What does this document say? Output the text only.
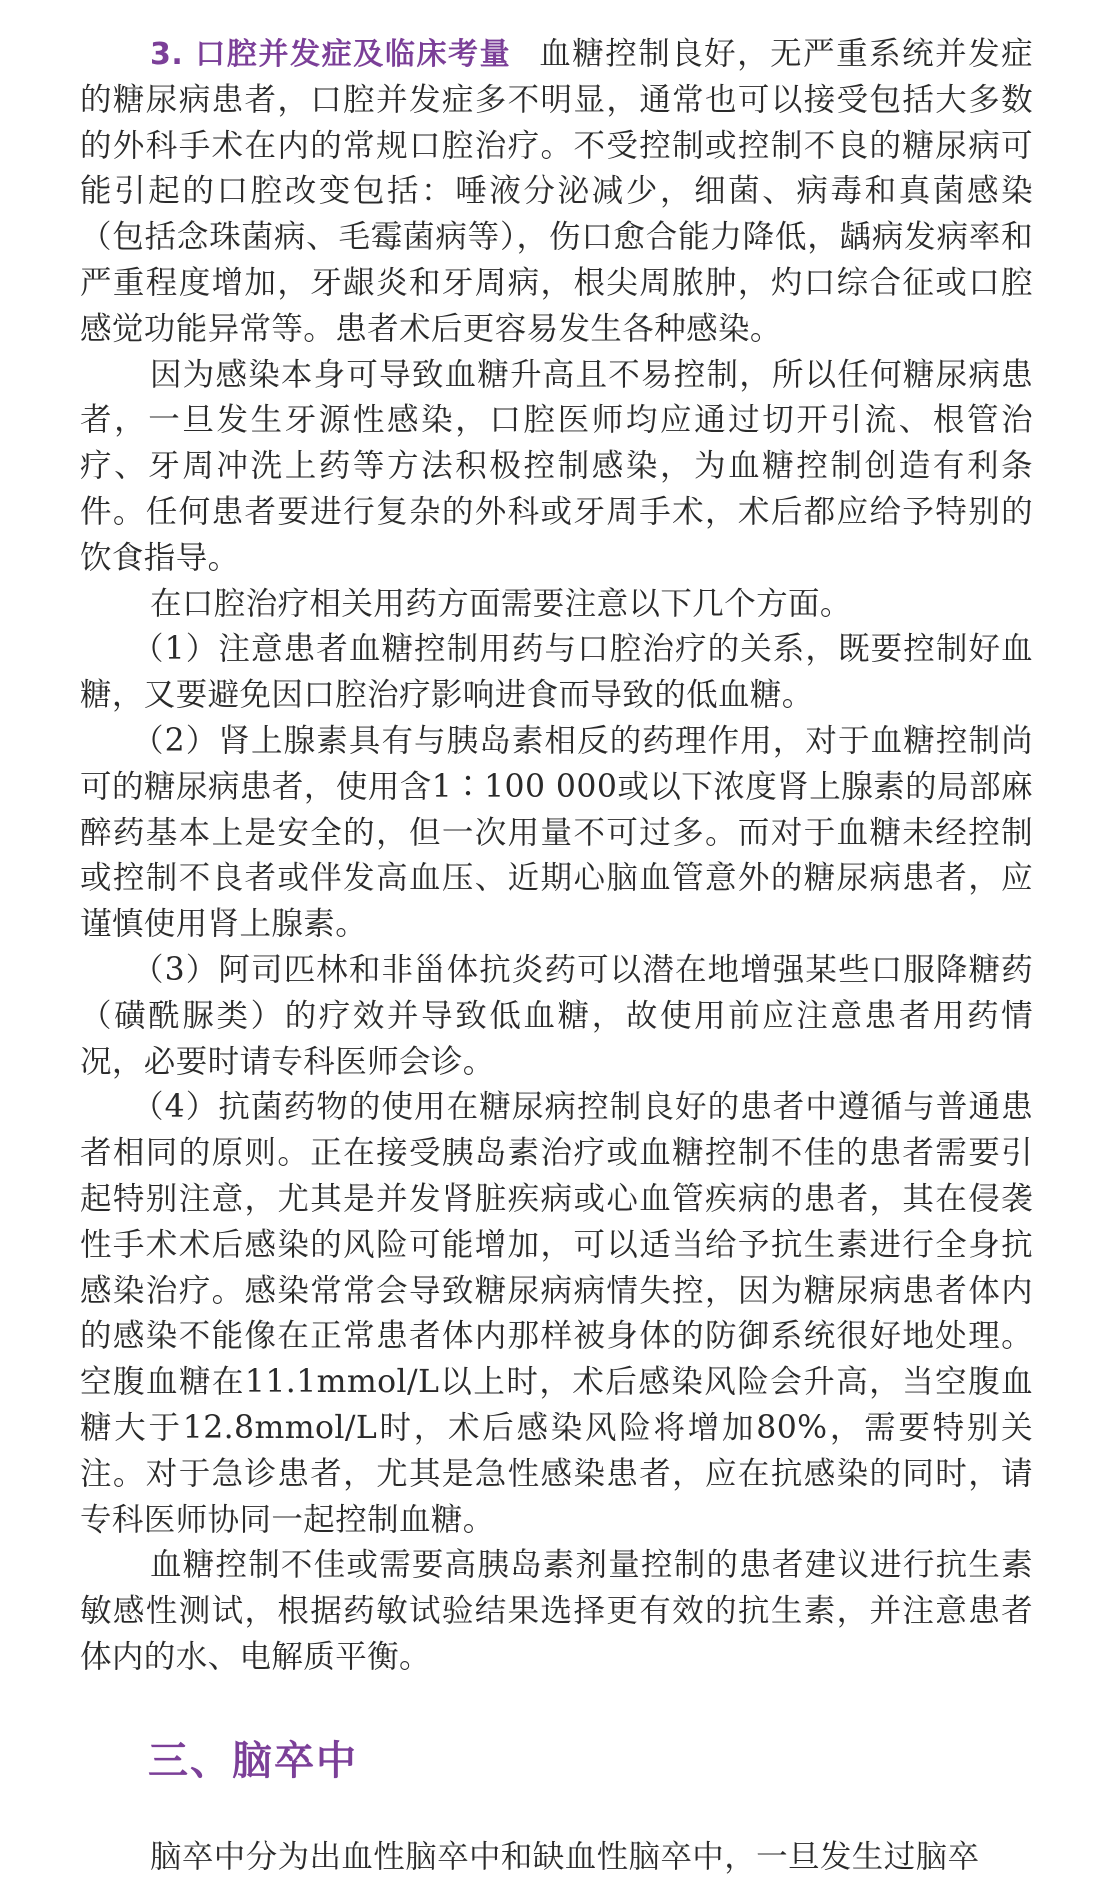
3. 口腔并发症及临床考量 血糖控制良好，无严重系统并发症的糖尿病患者，口腔并发症多不明显，通常也可以接受包括大多数的外科手术在内的常规口腔治疗。不受控制或控制不良的糖尿病可能引起的口腔改变包括：唾液分泌减少，细菌、病毒和真菌感染（包括念珠菌病、毛霉菌病等），伤口愈合能力降低，龋病发病率和严重程度增加，牙龈炎和牙周病，根尖周脓肿，灼口综合征或口腔感觉功能异常等。患者术后更容易发生各种感染。

因为感染本身可导致血糖升高且不易控制，所以任何糖尿病患者，一旦发生牙源性感染，口腔医师均应通过切开引流、根管治疗、牙周冲洗上药等方法积极控制感染，为血糖控制创造有利条件。任何患者要进行复杂的外科或牙周手术，术后都应给予特别的饮食指导。

在口腔治疗相关用药方面需要注意以下几个方面。

（1）注意患者血糖控制用药与口腔治疗的关系，既要控制好血糖，又要避免因口腔治疗影响进食而导致的低血糖。

（2）肾上腺素具有与胰岛素相反的药理作用，对于血糖控制尚可的糖尿病患者，使用含1∶100 000或以下浓度肾上腺素的局部麻醉药基本上是安全的，但一次用量不可过多。而对于血糖未经控制或控制不良者或伴发高血压、近期心脑血管意外的糖尿病患者，应谨慎使用肾上腺素。

（3）阿司匹林和非甾体抗炎药可以潜在地增强某些口服降糖药（磺酰脲类）的疗效并导致低血糖，故使用前应注意患者用药情况，必要时请专科医师会诊。

（4）抗菌药物的使用在糖尿病控制良好的患者中遵循与普通患者相同的原则。正在接受胰岛素治疗或血糖控制不佳的患者需要引起特别注意，尤其是并发肾脏疾病或心血管疾病的患者，其在侵袭性手术术后感染的风险可能增加，可以适当给予抗生素进行全身抗感染治疗。感染常常会导致糖尿病病情失控，因为糖尿病患者体内的感染不能像在正常患者体内那样被身体的防御系统很好地处理。空腹血糖在11.1mmol/L以上时，术后感染风险会升高，当空腹血糖大于12.8mmol/L时，术后感染风险将增加80%，需要特别关注。对于急诊患者，尤其是急性感染患者，应在抗感染的同时，请专科医师协同一起控制血糖。

血糖控制不佳或需要高胰岛素剂量控制的患者建议进行抗生素敏感性测试，根据药敏试验结果选择更有效的抗生素，并注意患者体内的水、电解质平衡。

三、脑卒中

脑卒中分为出血性脑卒中和缺血性脑卒中，一旦发生过脑卒
